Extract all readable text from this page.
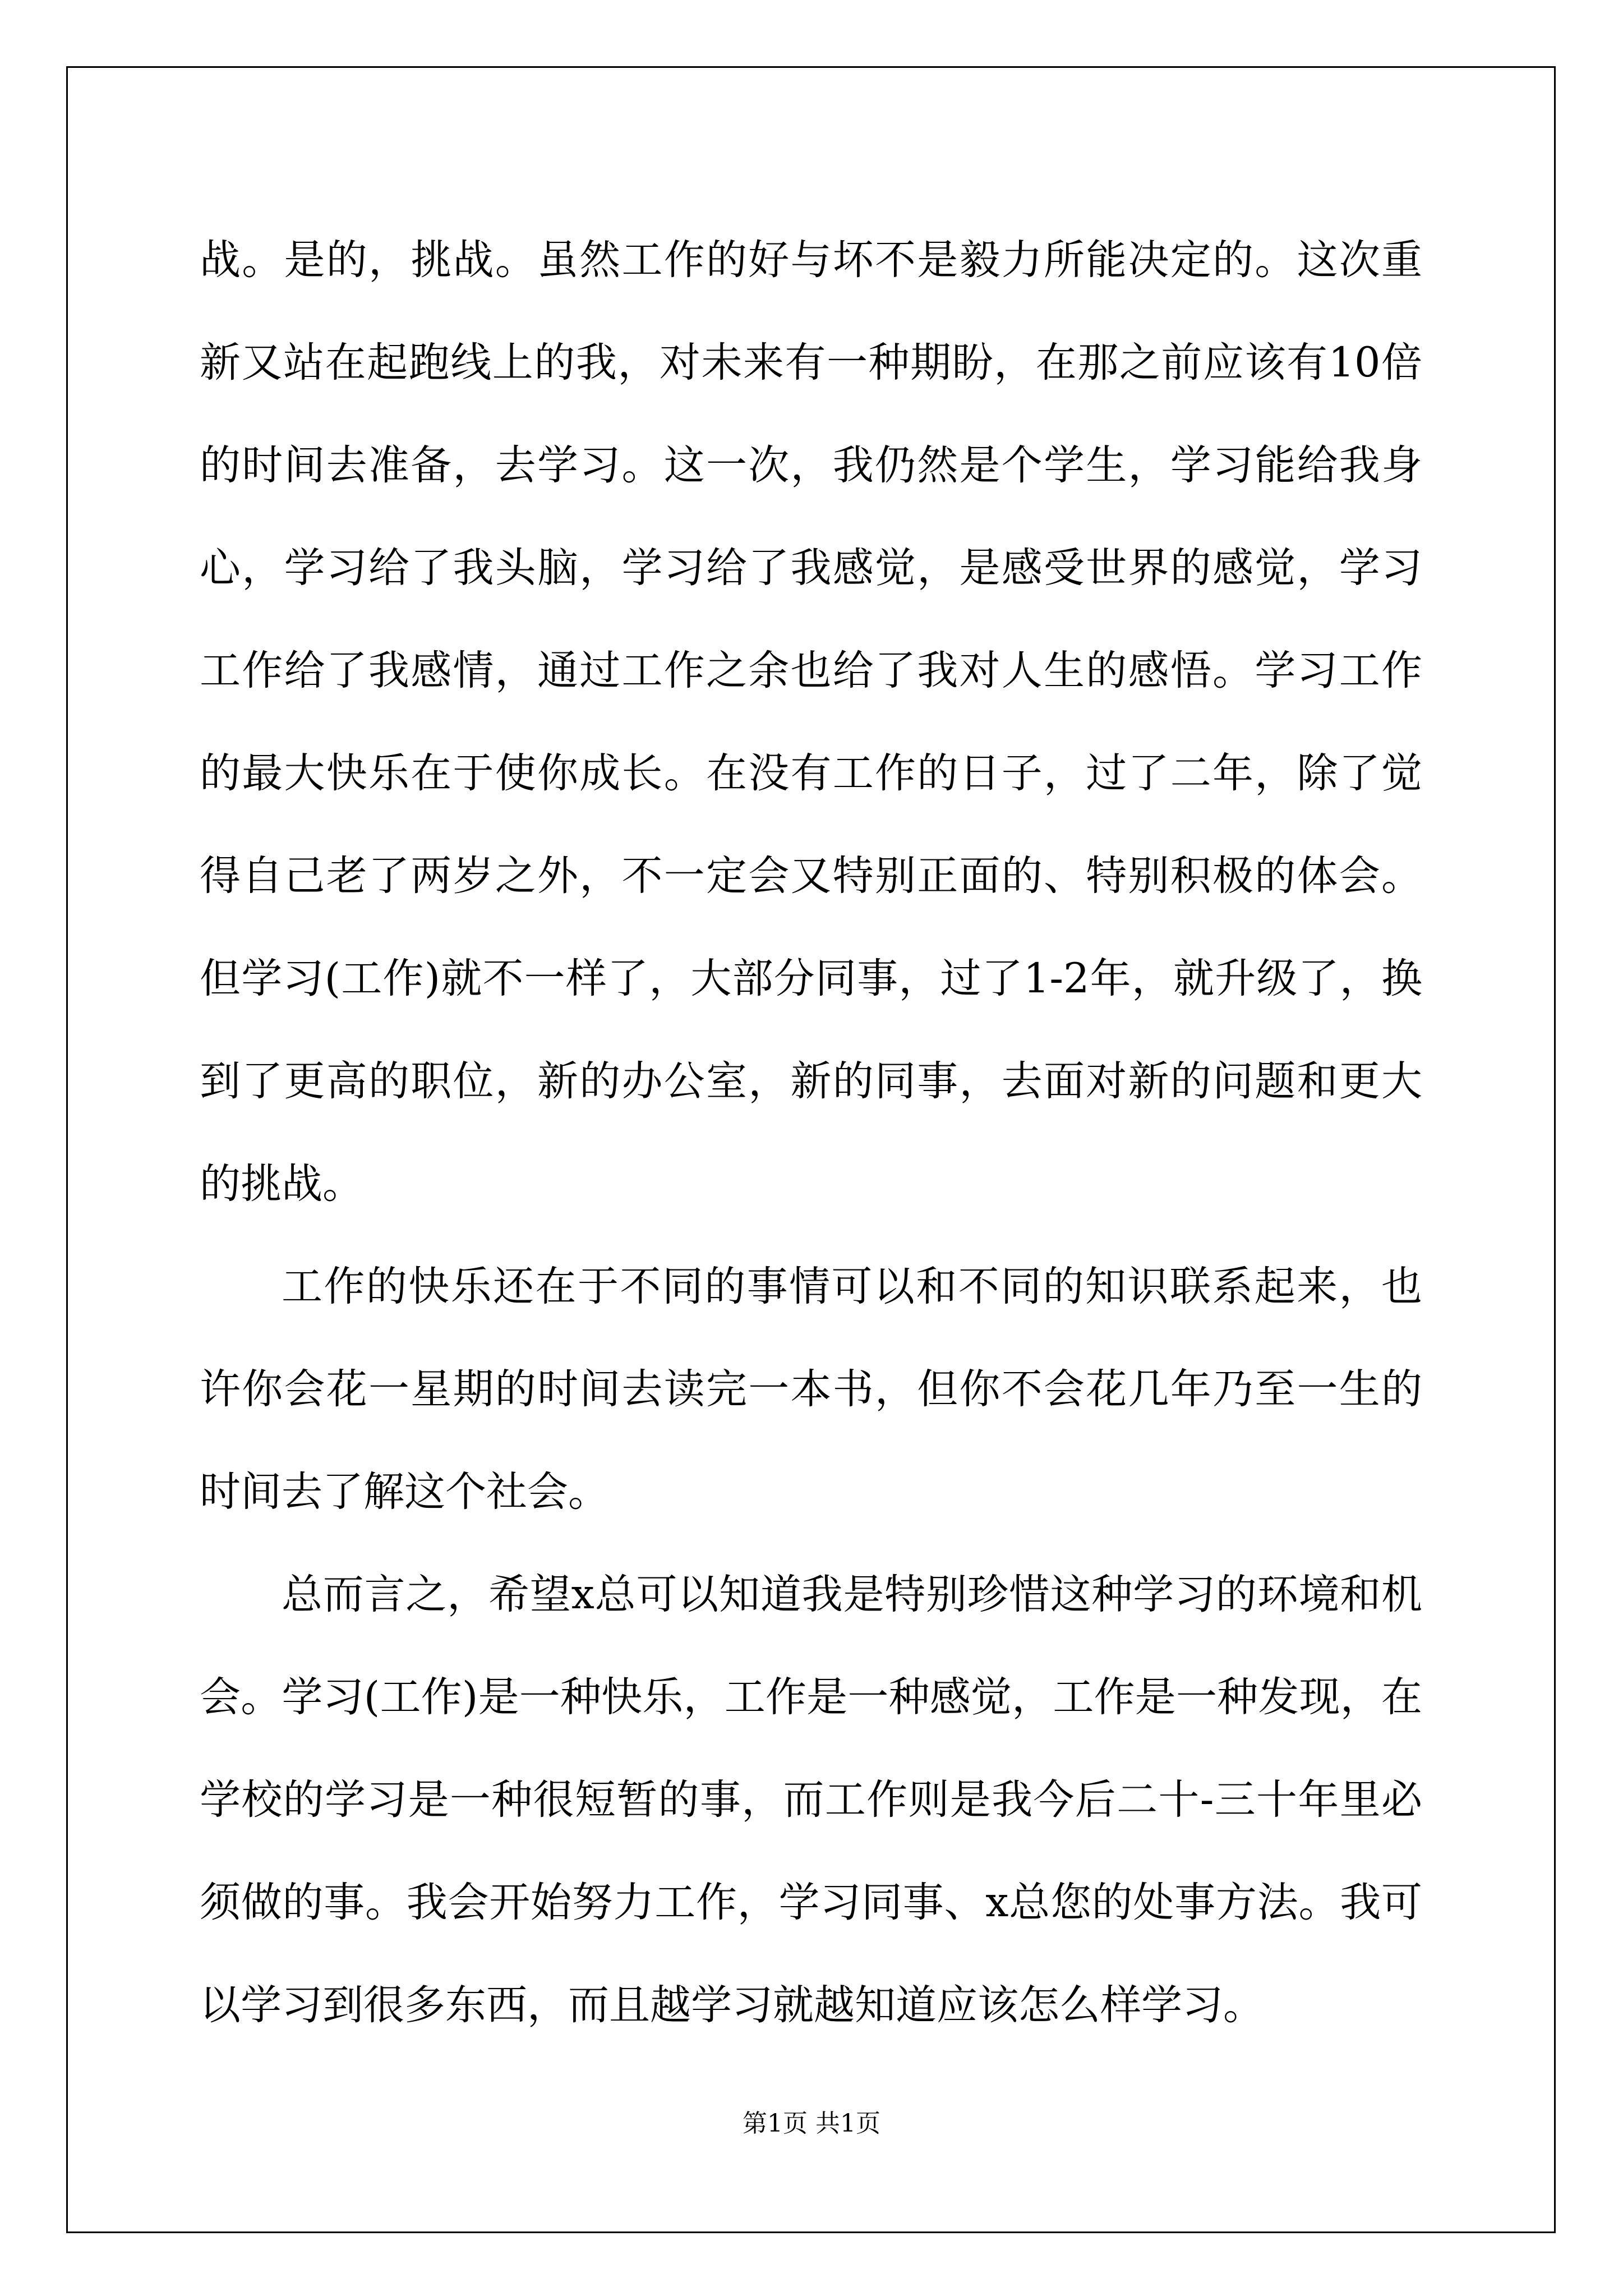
战。是的，挑战。虽然工作的好与坏不是毅力所能决定的。这次重新又站在起跑线上的我，对未来有一种期盼，在那之前应该有10倍的时间去准备，去学习。这一次，我仍然是个学生，学习能给我身心，学习给了我头脑，学习给了我感觉，是感受世界的感觉，学习工作给了我感情，通过工作之余也给了我对人生的感悟。学习工作的最大快乐在于使你成长。在没有工作的日子，过了二年，除了觉得自己老了两岁之外，不一定会又特别正面的、特别积极的体会。但学习(工作)就不一样了，大部分同事，过了1-2年，就升级了，换到了更高的职位，新的办公室，新的同事，去面对新的问题和更大的挑战。

工作的快乐还在于不同的事情可以和不同的知识联系起来，也许你会花一星期的时间去读完一本书，但你不会花几年乃至一生的时间去了解这个社会。

总而言之，希望x总可以知道我是特别珍惜这种学习的环境和机会。学习(工作)是一种快乐，工作是一种感觉，工作是一种发现，在学校的学习是一种很短暂的事，而工作则是我今后二十-三十年里必须做的事。我会开始努力工作，学习同事、x总您的处事方法。我可以学习到很多东西，而且越学习就越知道应该怎么样学习。

第1页 共1页
